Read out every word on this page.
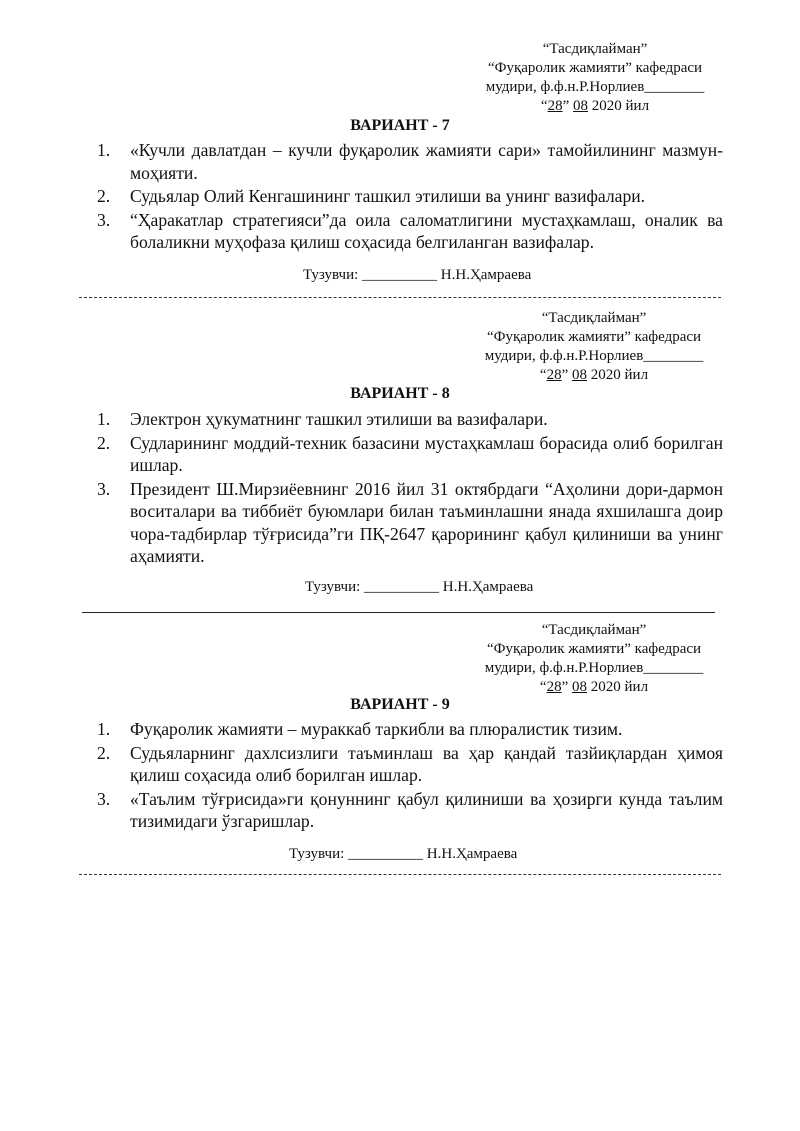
“Тасдиқлайман”
“Фуқаролик жамияти” кафедраси
мудири, ф.ф.н.Р.Норлиев________
“28” 08 2020 йил
ВАРИАНТ - 7
1. «Кучли давлатдан – кучли фуқаролик жамияти сари» тамойилининг мазмун-моҳияти.
2. Судьялар Олий Кенгашининг ташкил этилиши ва унинг вазифалари.
3. “Ҳаракатлар стратегияси”да оила саломатлигини мустаҳкамлаш, оналик ва болаликни муҳофаза қилиш соҳасида белгиланган вазифалар.
Тузувчи: __________ Н.Н.Ҳамраева
“Тасдиқлайман”
“Фуқаролик жамияти” кафедраси
мудири, ф.ф.н.Р.Норлиев________
“28” 08 2020 йил
ВАРИАНТ - 8
1. Электрон ҳукуматнинг ташкил этилиши ва вазифалари.
2. Судларининг моддий-техник базасини мустаҳкамлаш борасида олиб борилган ишлар.
3. Президент Ш.Мирзиёевнинг 2016 йил 31 октябрдаги “Аҳолини дори-дармон воситалари ва тиббиёт буюмлари билан таъминлашни янада яхшилашга доир чора-тадбирлар тўғрисида”ги ПҚ-2647 қарорининг қабул қилиниши ва унинг аҳамияти.
Тузувчи: __________ Н.Н.Ҳамраева
“Тасдиқлайман”
“Фуқаролик жамияти” кафедраси
мудири, ф.ф.н.Р.Норлиев________
“28” 08 2020 йил
ВАРИАНТ - 9
1. Фуқаролик жамияти – мураккаб таркибли ва плюралистик тизим.
2. Судьяларнинг дахлсизлиги таъминлаш ва ҳар қандай тазйиқлардан ҳимоя қилиш соҳасида олиб борилган ишлар.
3. «Таълим тўғрисида»ги қонуннинг қабул қилиниши ва ҳозирги кунда таълим тизимидаги ўзгаришлар.
Тузувчи: __________ Н.Н.Ҳамраева
